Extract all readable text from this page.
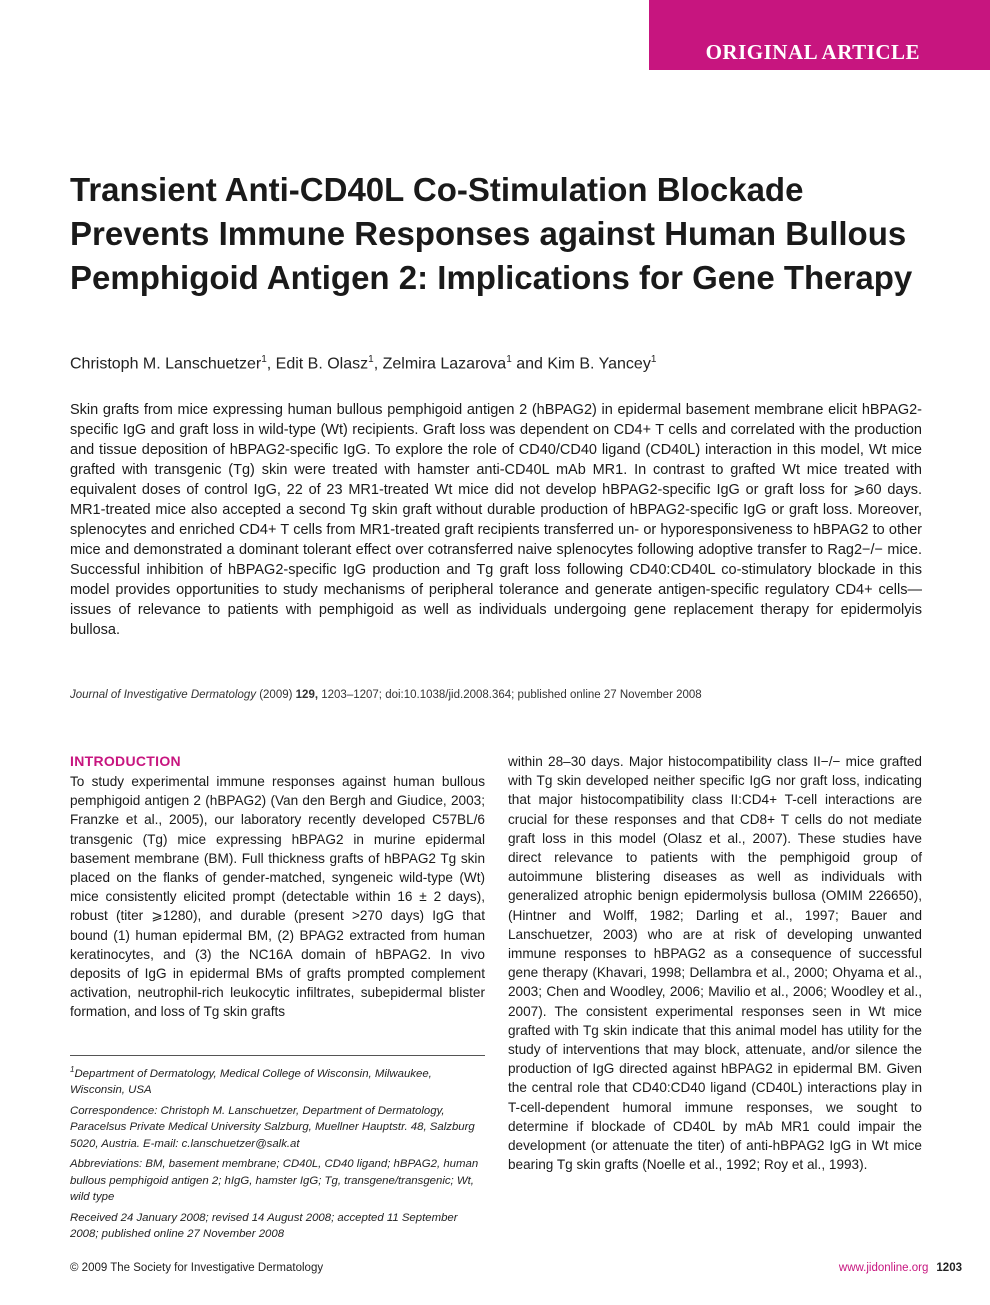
ORIGINAL ARTICLE
Transient Anti-CD40L Co-Stimulation Blockade Prevents Immune Responses against Human Bullous Pemphigoid Antigen 2: Implications for Gene Therapy

Christoph M. Lanschuetzer$^1$, Edit B. Olasz$^1$, Zelmira Lazarova$^1$ and Kim B. Yancey$^1$

Skin grafts from mice expressing human bullous pemphigoid antigen 2 (hBPAG2) in epidermal basement membrane elicit hBPAG2-specific IgG and graft loss in wild-type (Wt) recipients. Graft loss was dependent on CD4+ T cells and correlated with the production and tissue deposition of hBPAG2-specific IgG. To explore the role of CD40/CD40 ligand (CD40L) interaction in this model, Wt mice grafted with transgenic (Tg) skin were treated with hamster anti-CD40L mAb MR1. In contrast to grafted Wt mice treated with equivalent doses of control IgG, 22 of 23 MR1-treated Wt mice did not develop hBPAG2-specific IgG or graft loss for ⩾60 days. MR1-treated mice also accepted a second Tg skin graft without durable production of hBPAG2-specific IgG or graft loss. Moreover, splenocytes and enriched CD4+ T cells from MR1-treated graft recipients transferred un- or hyporesponsiveness to hBPAG2 to other mice and demonstrated a dominant tolerant effect over cotransferred naive splenocytes following adoptive transfer to Rag2−/− mice. Successful inhibition of hBPAG2-specific IgG production and Tg graft loss following CD40:CD40L co-stimulatory blockade in this model provides opportunities to study mechanisms of peripheral tolerance and generate antigen-specific regulatory CD4+ cells—issues of relevance to patients with pemphigoid as well as individuals undergoing gene replacement therapy for epidermolyis bullosa.

Journal of Investigative Dermatology (2009) 129, 1203–1207; doi:10.1038/jid.2008.364; published online 27 November 2008

INTRODUCTION

To study experimental immune responses against human bullous pemphigoid antigen 2 (hBPAG2) (Van den Bergh and Giudice, 2003; Franzke et al., 2005), our laboratory recently developed C57BL/6 transgenic (Tg) mice expressing hBPAG2 in murine epidermal basement membrane (BM). Full thickness grafts of hBPAG2 Tg skin placed on the flanks of gender-matched, syngeneic wild-type (Wt) mice consistently elicited prompt (detectable within 16 ± 2 days), robust (titer ⩾1280), and durable (present >270 days) IgG that bound (1) human epidermal BM, (2) BPAG2 extracted from human keratinocytes, and (3) the NC16A domain of hBPAG2. In vivo deposits of IgG in epidermal BMs of grafts prompted complement activation, neutrophil-rich leukocytic infiltrates, subepidermal blister formation, and loss of Tg skin grafts

within 28–30 days. Major histocompatibility class II−/− mice grafted with Tg skin developed neither specific IgG nor graft loss, indicating that major histocompatibility class II:CD4+ T-cell interactions are crucial for these responses and that CD8+ T cells do not mediate graft loss in this model (Olasz et al., 2007). These studies have direct relevance to patients with the pemphigoid group of autoimmune blistering diseases as well as individuals with generalized atrophic benign epidermolysis bullosa (OMIM 226650), (Hintner and Wolff, 1982; Darling et al., 1997; Bauer and Lanschuetzer, 2003) who are at risk of developing unwanted immune responses to hBPAG2 as a consequence of successful gene therapy (Khavari, 1998; Dellambra et al., 2000; Ohyama et al., 2003; Chen and Woodley, 2006; Mavilio et al., 2006; Woodley et al., 2007). The consistent experimental responses seen in Wt mice grafted with Tg skin indicate that this animal model has utility for the study of interventions that may block, attenuate, and/or silence the production of IgG directed against hBPAG2 in epidermal BM. Given the central role that CD40:CD40 ligand (CD40L) interactions play in T-cell-dependent humoral immune responses, we sought to determine if blockade of CD40L by mAb MR1 could impair the development (or attenuate the titer) of anti-hBPAG2 IgG in Wt mice bearing Tg skin grafts (Noelle et al., 1992; Roy et al., 1993).

$^1$Department of Dermatology, Medical College of Wisconsin, Milwaukee, Wisconsin, USA

Correspondence: Christoph M. Lanschuetzer, Department of Dermatology, Paracelsus Private Medical University Salzburg, Muellner Hauptstr. 48, Salzburg 5020, Austria. E-mail: c.lanschuetzer@salk.at

Abbreviations: BM, basement membrane; CD40L, CD40 ligand; hBPAG2, human bullous pemphigoid antigen 2; hIgG, hamster IgG; Tg, transgene/transgenic; Wt, wild type

Received 24 January 2008; revised 14 August 2008; accepted 11 September 2008; published online 27 November 2008

© 2009 The Society for Investigative Dermatology	www.jidonline.org 1203
